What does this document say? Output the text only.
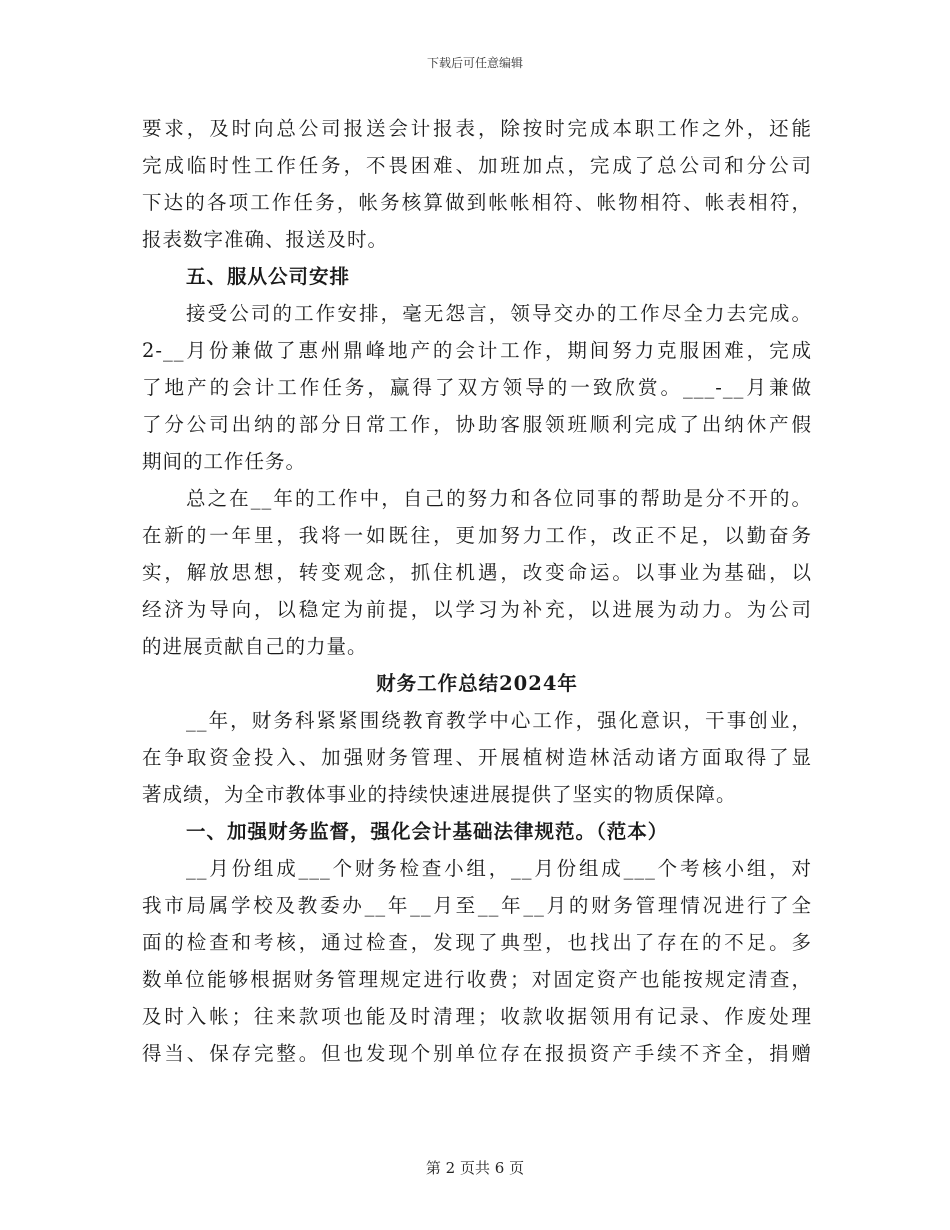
下载后可任意编辑
要求，及时向总公司报送会计报表，除按时完成本职工作之外，还能
完成临时性工作任务，不畏困难、加班加点，完成了总公司和分公司
下达的各项工作任务，帐务核算做到帐帐相符、帐物相符、帐表相符，
报表数字准确、报送及时。
五、服从公司安排
接受公司的工作安排，毫无怨言，领导交办的工作尽全力去完成。
2-__月份兼做了惠州鼎峰地产的会计工作，期间努力克服困难，完成
了地产的会计工作任务，赢得了双方领导的一致欣赏。___-__月兼做
了分公司出纳的部分日常工作，协助客服领班顺利完成了出纳休产假
期间的工作任务。
总之在__年的工作中，自己的努力和各位同事的帮助是分不开的。
在新的一年里，我将一如既往，更加努力工作，改正不足，以勤奋务
实，解放思想，转变观念，抓住机遇，改变命运。以事业为基础，以
经济为导向，以稳定为前提，以学习为补充，以进展为动力。为公司
的进展贡献自己的力量。
财务工作总结2024年
__年，财务科紧紧围绕教育教学中心工作，强化意识，干事创业，
在争取资金投入、加强财务管理、开展植树造林活动诸方面取得了显
著成绩，为全市教体事业的持续快速进展提供了坚实的物质保障。
一、加强财务监督，强化会计基础法律规范。（范本）
__月份组成___个财务检查小组，__月份组成___个考核小组，对
我市局属学校及教委办__年__月至__年__月的财务管理情况进行了全
面的检查和考核，通过检查，发现了典型，也找出了存在的不足。多
数单位能够根据财务管理规定进行收费；对固定资产也能按规定清查，
及时入帐；往来款项也能及时清理；收款收据领用有记录、作废处理
得当、保存完整。但也发现个别单位存在报损资产手续不齐全，捐赠
第 2 页共 6 页
